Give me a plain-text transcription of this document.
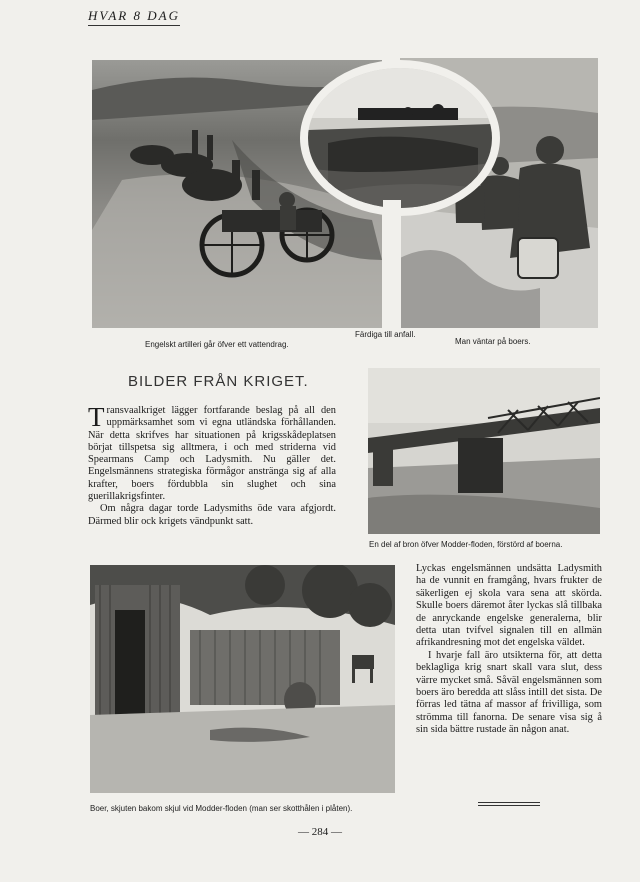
HVAR 8 DAG
Engelskt artilleri går öfver ett vattendrag.
Färdiga till anfall.
Man väntar på boers.
BILDER FRÅN KRIGET.

Transvaalkriget lägger fortfarande beslag på all den uppmärksamhet som vi egna utländska förhållanden. När detta skrifves har situationen på krigsskådeplatsen börjat tillspetsa sig alltmera, i och med striderna vid Spearmans Camp och Ladysmith. Nu gäller det. Engelsmännens strategiska förmågor anstränga sig af alla krafter, boers fördubbla sin slughet och sina guerillakrigsfinter.

Om några dagar torde Ladysmiths öde vara afgjordt. Därmed blir ock krigets vändpunkt satt.

En del af bron öfver Modder-floden, förstörd af boerna.
Boer, skjuten bakom skjul vid Modder-floden (man ser skotthålen i plåten).

Lyckas engelsmännen undsätta Ladysmith ha de vunnit en framgång, hvars frukter de säkerligen ej skola vara sena att skörda. Skulle boers däremot åter lyckas slå tillbaka de anryckande engelske generalerna, blir detta utan tvifvel signalen till en allmän afrikandresning mot det engelska väldet.

I hvarje fall äro utsikterna för, att detta beklagliga krig snart skall vara slut, dess värre mycket små. Såväl engelsmännen som boers äro beredda att slåss intill det sista. De förras led tätna af massor af frivilliga, som strömma till fanorna. De senare visa sig å sin sida bättre rustade än någon anat.

— 284 —
